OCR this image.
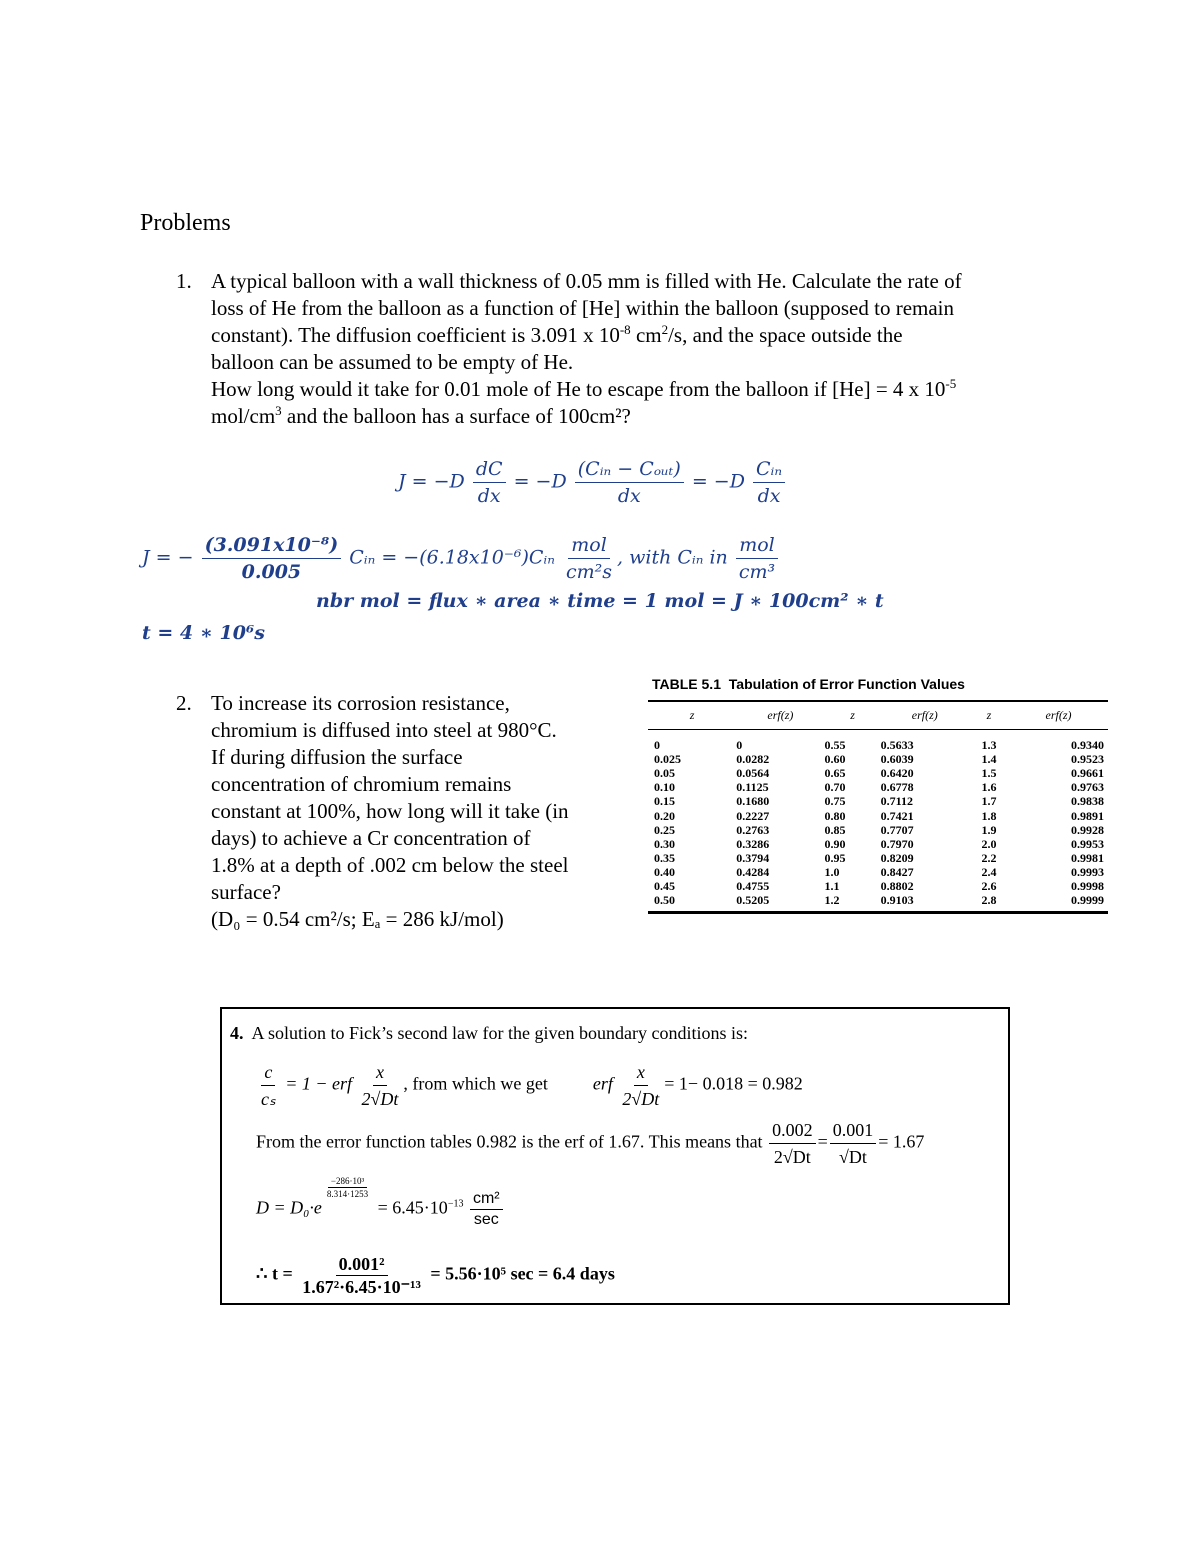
Problems
1. A typical balloon with a wall thickness of 0.05 mm is filled with He. Calculate the rate of
loss of He from the balloon as a function of [He] within the balloon (supposed to remain
constant). The diffusion coefficient is 3.091 x $10^{-8}$ $cm^2/s$, and the space outside the
balloon can be assumed to be empty of He.
How long would it take for 0.01 mole of He to escape from the balloon if [He] = 4 x $10^{-5}$
mol/$cm^3$ and the balloon has a surface of 100cm²?
$J = -D \frac{dC}{dx} = -D \frac{\text{(Cᵢₙ − Cₒᵤₜ)}}{dx} = -D \frac{\text{Cᵢₙ}}{dx}$
J = − $\frac{\text{(3.091x10⁻⁸)}}{0.005}$ Cᵢₙ = −(6.18x10⁻⁶)Cᵢₙ $\frac{\text{mol}}{\text{cm²s}}$ , with Cᵢₙ in $\frac{\text{mol}}{\text{cm³}}$
nbr mol = flux ∗ area ∗ time = 1 mol = J ∗ 100cm² ∗ t
t = 4 ∗ 10⁶s
2. To increase its corrosion resistance,
chromium is diffused into steel at 980°C.
If during diffusion the surface
concentration of chromium remains
constant at 100%, how long will it take (in
days) to achieve a Cr concentration of
1.8% at a depth of .002 cm below the steel
surface?
(D₀ = 0.54 cm²/s; Eₐ = 286 kJ/mol)
TABLE 5.1 Tabulation of Error Function Values
z	erf(z)	z	erf(z)	z	erf(z)
0	0	0.55	0.5633	1.3	0.9340
0.025	0.0282	0.60	0.6039	1.4	0.9523
0.05	0.0564	0.65	0.6420	1.5	0.9661
0.10	0.1125	0.70	0.6778	1.6	0.9763
0.15	0.1680	0.75	0.7112	1.7	0.9838
0.20	0.2227	0.80	0.7421	1.8	0.9891
0.25	0.2763	0.85	0.7707	1.9	0.9928
0.30	0.3286	0.90	0.7970	2.0	0.9953
0.35	0.3794	0.95	0.8209	2.2	0.9981
0.40	0.4284	1.0	0.8427	2.4	0.9993
0.45	0.4755	1.1	0.8802	2.6	0.9998
0.50	0.5205	1.2	0.9103	2.8	0.9999
4. A solution to Fick’s second law for the given boundary conditions is:
$\frac{c}{\text{cₛ}} = 1$ − erf $\frac{x}{2√Dt}$ , from which we get	erf $\frac{x}{2√Dt} = 1- 0.018 = 0.982$
From the error function tables 0.982 is the erf of 1.67. This means that $\frac{0.002}{2√Dt} = \frac{0.001}{√Dt} = 1.67$
D = D₀·e
$\frac{\text{−286·10³}}{8.314\cdot 1253}$
= $6.45\cdot 10^{-13} \frac{\text{cm²}}{\sec}$
∴ $t = \frac{\text{0.001²}}{\text{1.67²·6.45·10⁻¹³}} = 5.56\cdot 10^5$ sec = 6.4 days
